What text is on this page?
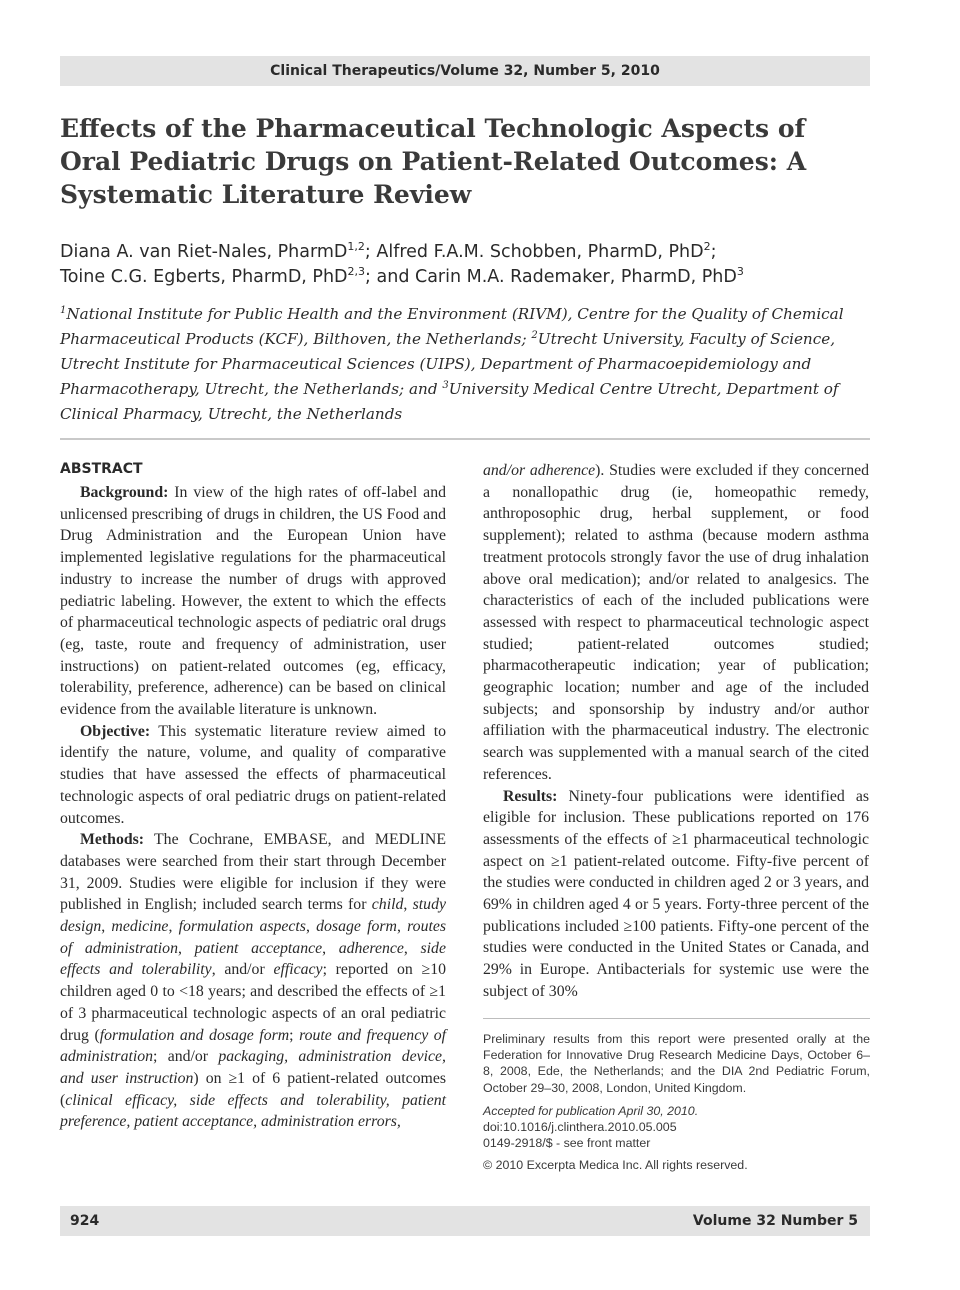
Clinical Therapeutics/Volume 32, Number 5, 2010
Effects of the Pharmaceutical Technologic Aspects of Oral Pediatric Drugs on Patient-Related Outcomes: A Systematic Literature Review
Diana A. van Riet-Nales, PharmD$^{1,2}$; Alfred F.A.M. Schobben, PharmD, PhD$^2$;
Toine C.G. Egberts, PharmD, PhD$^{2,3}$; and Carin M.A. Rademaker, PharmD, PhD$^3$
$^1$National Institute for Public Health and the Environment (RIVM), Centre for the Quality of Chemical Pharmaceutical Products (KCF), Bilthoven, the Netherlands; $^2$Utrecht University, Faculty of Science, Utrecht Institute for Pharmaceutical Sciences (UIPS), Department of Pharmacoepidemiology and Pharmacotherapy, Utrecht, the Netherlands; and $^3$University Medical Centre Utrecht, Department of Clinical Pharmacy, Utrecht, the Netherlands
ABSTRACT

Background: In view of the high rates of off-label and unlicensed prescribing of drugs in children, the US Food and Drug Administration and the European Union have implemented legislative regulations for the pharmaceutical industry to increase the number of drugs with approved pediatric labeling. However, the extent to which the effects of pharmaceutical technologic aspects of pediatric oral drugs (eg, taste, route and frequency of administration, user instructions) on patient-related outcomes (eg, efficacy, tolerability, preference, adherence) can be based on clinical evidence from the available literature is unknown.

Objective: This systematic literature review aimed to identify the nature, volume, and quality of comparative studies that have assessed the effects of pharmaceutical technologic aspects of oral pediatric drugs on patient-related outcomes.

Methods: The Cochrane, EMBASE, and MEDLINE databases were searched from their start through December 31, 2009. Studies were eligible for inclusion if they were published in English; included search terms for child, study design, medicine, formulation aspects, dosage form, routes of administration, patient acceptance, adherence, side effects and tolerability, and/or efficacy; reported on ≥10 children aged 0 to <18 years; and described the effects of ≥1 of 3 pharmaceutical technologic aspects of an oral pediatric drug (formulation and dosage form; route and frequency of administration; and/or packaging, administration device, and user instruction) on ≥1 of 6 patient-related outcomes (clinical efficacy, side effects and tolerability, patient preference, patient acceptance, administration errors,

and/or adherence). Studies were excluded if they concerned a nonallopathic drug (ie, homeopathic remedy, anthroposophic drug, herbal supplement, or food supplement); related to asthma (because modern asthma treatment protocols strongly favor the use of drug inhalation above oral medication); and/or related to analgesics. The characteristics of each of the included publications were assessed with respect to pharmaceutical technologic aspect studied; patient-related outcomes studied; pharmacotherapeutic indication; year of publication; geographic location; number and age of the included subjects; and sponsorship by industry and/or author affiliation with the pharmaceutical industry. The electronic search was supplemented with a manual search of the cited references.

Results: Ninety-four publications were identified as eligible for inclusion. These publications reported on 176 assessments of the effects of ≥1 pharmaceutical technologic aspect on ≥1 patient-related outcome. Fifty-five percent of the studies were conducted in children aged 2 or 3 years, and 69% in children aged 4 or 5 years. Forty-three percent of the publications included ≥100 patients. Fifty-one percent of the studies were conducted in the United States or Canada, and 29% in Europe. Antibacterials for systemic use were the subject of 30%

Preliminary results from this report were presented orally at the Federation for Innovative Drug Research Medicine Days, October 6–8, 2008, Ede, the Netherlands; and the DIA 2nd Pediatric Forum, October 29–30, 2008, London, United Kingdom.
Accepted for publication April 30, 2010.
doi:10.1016/j.clinthera.2010.05.005
0149-2918/$ - see front matter
© 2010 Excerpta Medica Inc. All rights reserved.
924	Volume 32 Number 5
